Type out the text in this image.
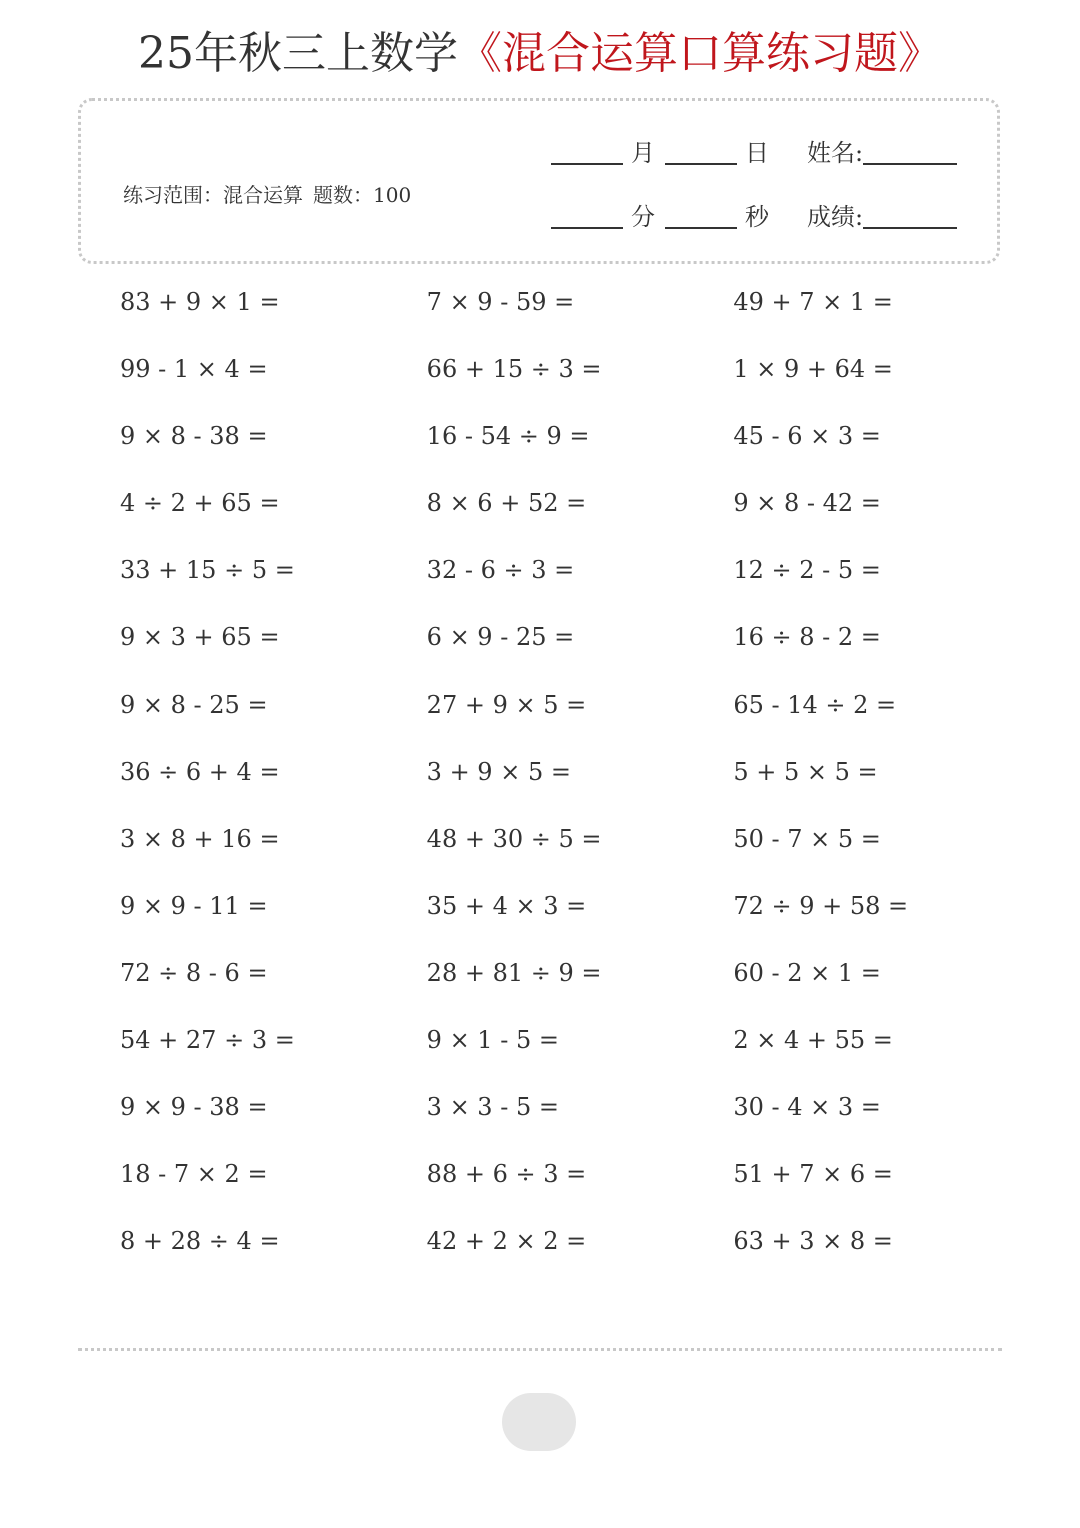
25年秋三上数学《混合运算口算练习题》
练习范围：混合运算 题数：100
月	日 姓名:
分	秒 成绩:
83 + 9 × 1 =	7 × 9 - 59 =	49 + 7 × 1 =
99 - 1 × 4 =	66 + 15 ÷ 3 =	1 × 9 + 64 =
9 × 8 - 38 =	16 - 54 ÷ 9 =	45 - 6 × 3 =
4 ÷ 2 + 65 =	8 × 6 + 52 =	9 × 8 - 42 =
33 + 15 ÷ 5 =	32 - 6 ÷ 3 =	12 ÷ 2 - 5 =
9 × 3 + 65 =	6 × 9 - 25 =	16 ÷ 8 - 2 =
9 × 8 - 25 =	27 + 9 × 5 =	65 - 14 ÷ 2 =
36 ÷ 6 + 4 =	3 + 9 × 5 =	5 + 5 × 5 =
3 × 8 + 16 =	48 + 30 ÷ 5 =	50 - 7 × 5 =
9 × 9 - 11 =	35 + 4 × 3 =	72 ÷ 9 + 58 =
72 ÷ 8 - 6 =	28 + 81 ÷ 9 =	60 - 2 × 1 =
54 + 27 ÷ 3 =	9 × 1 - 5 =	2 × 4 + 55 =
9 × 9 - 38 =	3 × 3 - 5 =	30 - 4 × 3 =
18 - 7 × 2 =	88 + 6 ÷ 3 =	51 + 7 × 6 =
8 + 28 ÷ 4 =	42 + 2 × 2 =	63 + 3 × 8 =
